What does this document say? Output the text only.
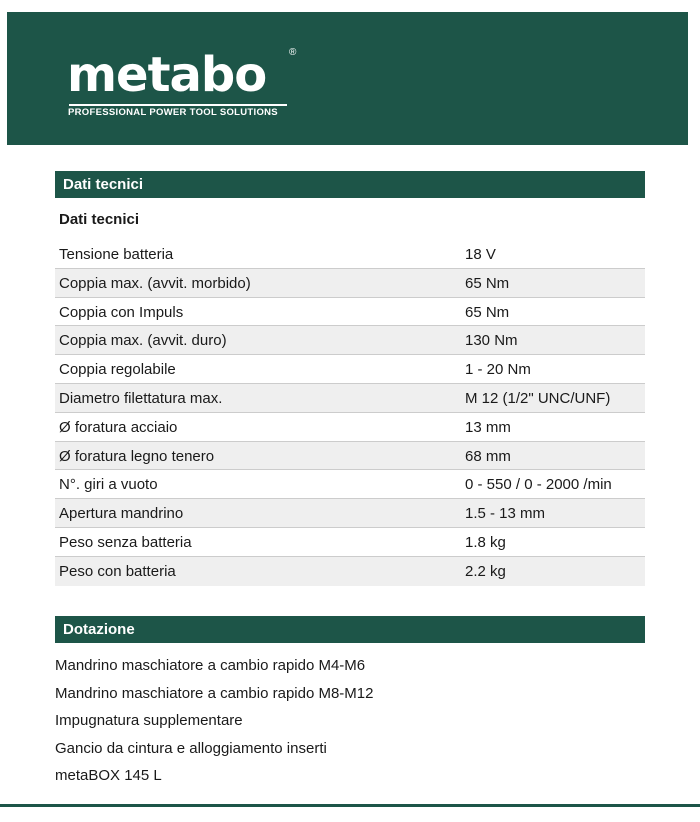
metabo ®
PROFESSIONAL POWER TOOL SOLUTIONS
Dati tecnici
Dati tecnici
Tensione batteria	18 V
Coppia max. (avvit. morbido)	65 Nm
Coppia con Impuls	65 Nm
Coppia max. (avvit. duro)	130 Nm
Coppia regolabile	1 - 20 Nm
Diametro filettatura max.	M 12 (1/2" UNC/UNF)
Ø foratura acciaio	13 mm
Ø foratura legno tenero	68 mm
N°. giri a vuoto	0 - 550 / 0 - 2000 /min
Apertura mandrino	1.5 - 13 mm
Peso senza batteria	1.8 kg
Peso con batteria	2.2 kg
Dotazione
Mandrino maschiatore a cambio rapido M4-M6
Mandrino maschiatore a cambio rapido M8-M12
Impugnatura supplementare
Gancio da cintura e alloggiamento inserti
metaBOX 145 L
